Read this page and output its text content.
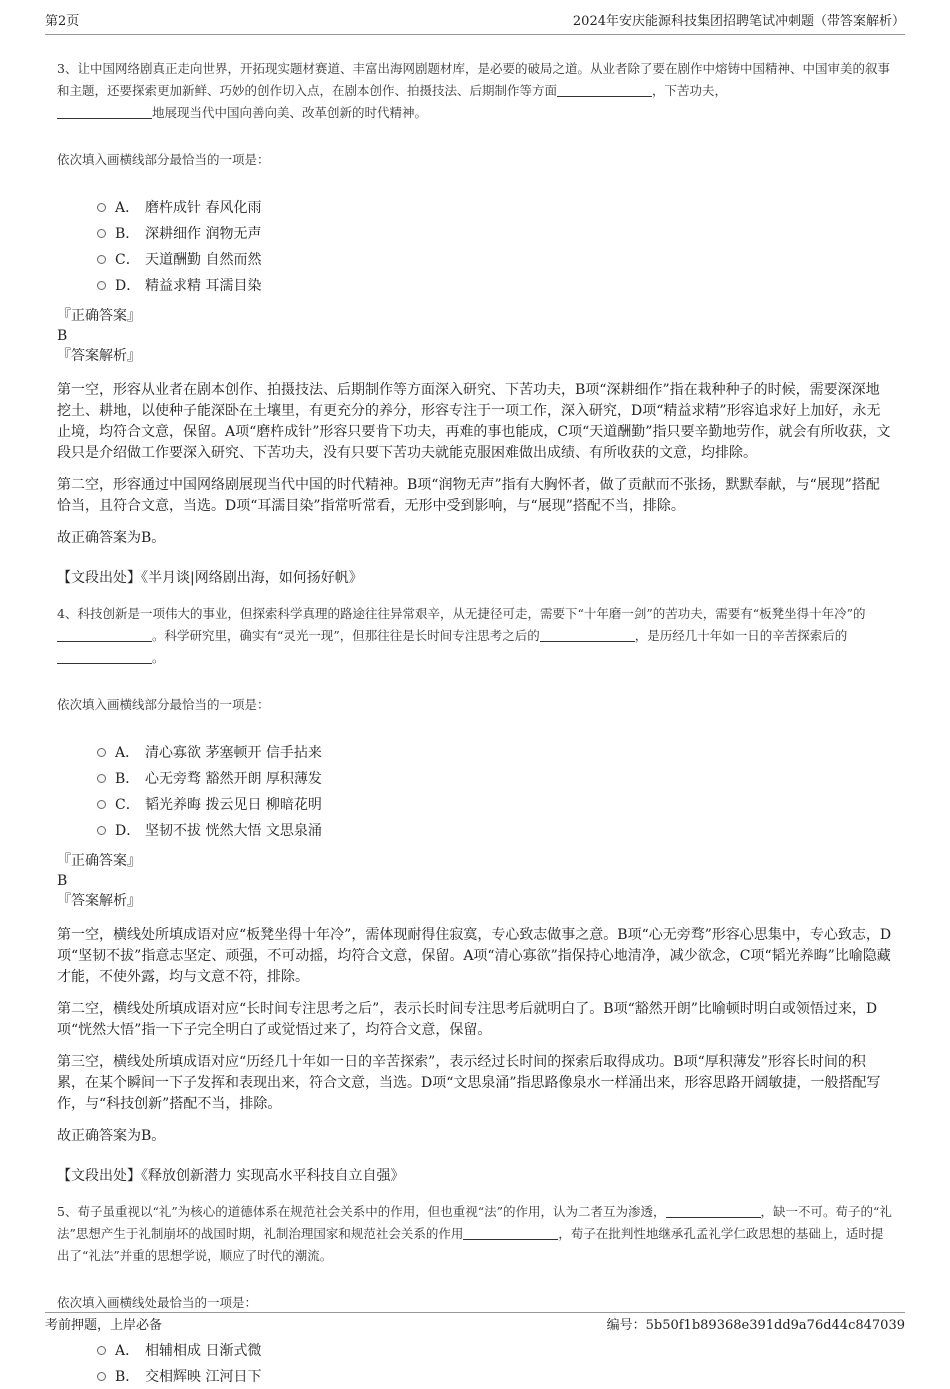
第2页	2024年安庆能源科技集团招聘笔试冲刺题（带答案解析）

3、让中国网络剧真正走向世界，开拓现实题材赛道、丰富出海网剧题材库，是必要的破局之道。从业者除了要在剧作中熔铸中国精神、中国审美的叙事和主题，还要探索更加新鲜、巧妙的创作切入点，在剧本创作、拍摄技法、后期制作等方面	，下苦功夫，
地展现当代中国向善向美、改革创新的时代精神。

依次填入画横线部分最恰当的一项是：

A． 磨杵成针 春风化雨
B． 深耕细作 润物无声
C． 天道酬勤 自然而然
D． 精益求精 耳濡目染

『正确答案』

B

『答案解析』

第一空，形容从业者在剧本创作、拍摄技法、后期制作等方面深入研究、下苦功夫，B项“深耕细作”指在栽种种子的时候，需要深深地挖土、耕地，以使种子能深卧在土壤里，有更充分的养分，形容专注于一项工作，深入研究，D项“精益求精”形容追求好上加好，永无止境，均符合文意，保留。A项“磨杵成针”形容只要肯下功夫，再难的事也能成，C项“天道酬勤”指只要辛勤地劳作，就会有所收获，文段只是介绍做工作要深入研究、下苦功夫，没有只要下苦功夫就能克服困难做出成绩、有所收获的文意，均排除。

第二空，形容通过中国网络剧展现当代中国的时代精神。B项“润物无声”指有大胸怀者，做了贡献而不张扬，默默奉献，与“展现”搭配恰当，且符合文意，当选。D项“耳濡目染”指常听常看，无形中受到影响，与“展现”搭配不当，排除。

故正确答案为B。

【文段出处】《半月谈|网络剧出海，如何扬好帆》

4、科技创新是一项伟大的事业，但探索科学真理的路途往往异常艰辛，从无捷径可走，需要下“十年磨一剑”的苦功夫，需要有“板凳坐得十年冷”的。科学研究里，确实有“灵光一现”，但那往往是长时间专注思考之后的	，是历经几十年如一日的辛苦探索后的。

依次填入画横线部分最恰当的一项是：

A． 清心寡欲 茅塞顿开 信手拈来
B． 心无旁骛 豁然开朗 厚积薄发
C． 韬光养晦 拨云见日 柳暗花明
D． 坚韧不拔 恍然大悟 文思泉涌

『正确答案』

B

『答案解析』

第一空，横线处所填成语对应“板凳坐得十年冷”，需体现耐得住寂寞，专心致志做事之意。B项“心无旁骛”形容心思集中，专心致志，D项“坚韧不拔”指意志坚定、顽强，不可动摇，均符合文意，保留。A项“清心寡欲”指保持心地清净，减少欲念，C项“韬光养晦”比喻隐藏才能，不使外露，均与文意不符，排除。

第二空，横线处所填成语对应“长时间专注思考之后”，表示长时间专注思考后就明白了。B项“豁然开朗”比喻顿时明白或领悟过来，D项“恍然大悟”指一下子完全明白了或觉悟过来了，均符合文意，保留。

第三空，横线处所填成语对应“历经几十年如一日的辛苦探索”，表示经过长时间的探索后取得成功。B项“厚积薄发”形容长时间的积累，在某个瞬间一下子发挥和表现出来，符合文意，当选。D项“文思泉涌”指思路像泉水一样涌出来，形容思路开阔敏捷，一般搭配写作，与“科技创新”搭配不当，排除。

故正确答案为B。

【文段出处】《释放创新潜力 实现高水平科技自立自强》

5、荀子虽重视以“礼”为核心的道德体系在规范社会关系中的作用，但也重视“法”的作用，认为二者互为渗透，	，缺一不可。荀子的“礼法”思想产生于礼制崩坏的战国时期，礼制治理国家和规范社会关系的作用	，荀子在批判性地继承孔孟礼学仁政思想的基础上，适时提出了“礼法”并重的思想学说，顺应了时代的潮流。

依次填入画横线处最恰当的一项是：

A． 相辅相成 日渐式微
B． 交相辉映 江河日下
考前押题，上岸必备	编号：5b50f1b89368e391dd9a76d44c847039
